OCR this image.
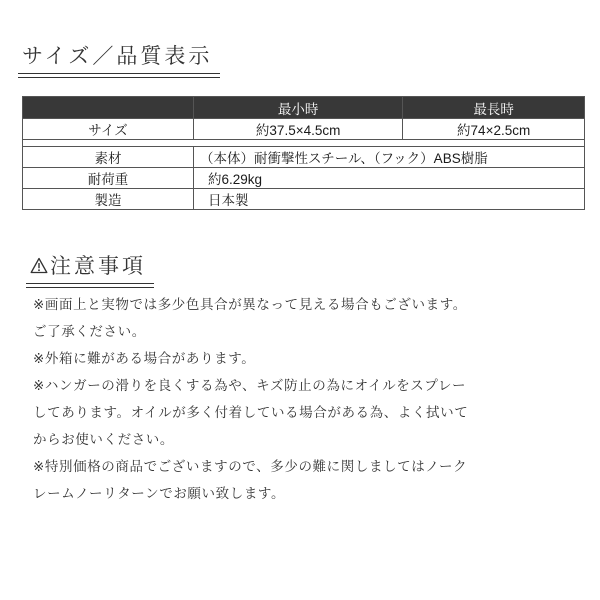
サイズ／品質表示
	最小時	最長時
サイズ	約37.5×4.5cm	約74×2.5cm

素材	（本体）耐衝撃性スチール、（フック）ABS樹脂	
耐荷重	約6.29kg	
製造	日本製	
注意事項

※画面上と実物では多少色具合が異なって見える場合もございます。

ご了承ください。

※外箱に難がある場合があります。

※ハンガーの滑りを良くする為や、キズ防止の為にオイルをスプレー

してあります。オイルが多く付着している場合がある為、よく拭いて

からお使いください。

※特別価格の商品でございますので、多少の難に関しましてはノーク

レームノーリターンでお願い致します。
